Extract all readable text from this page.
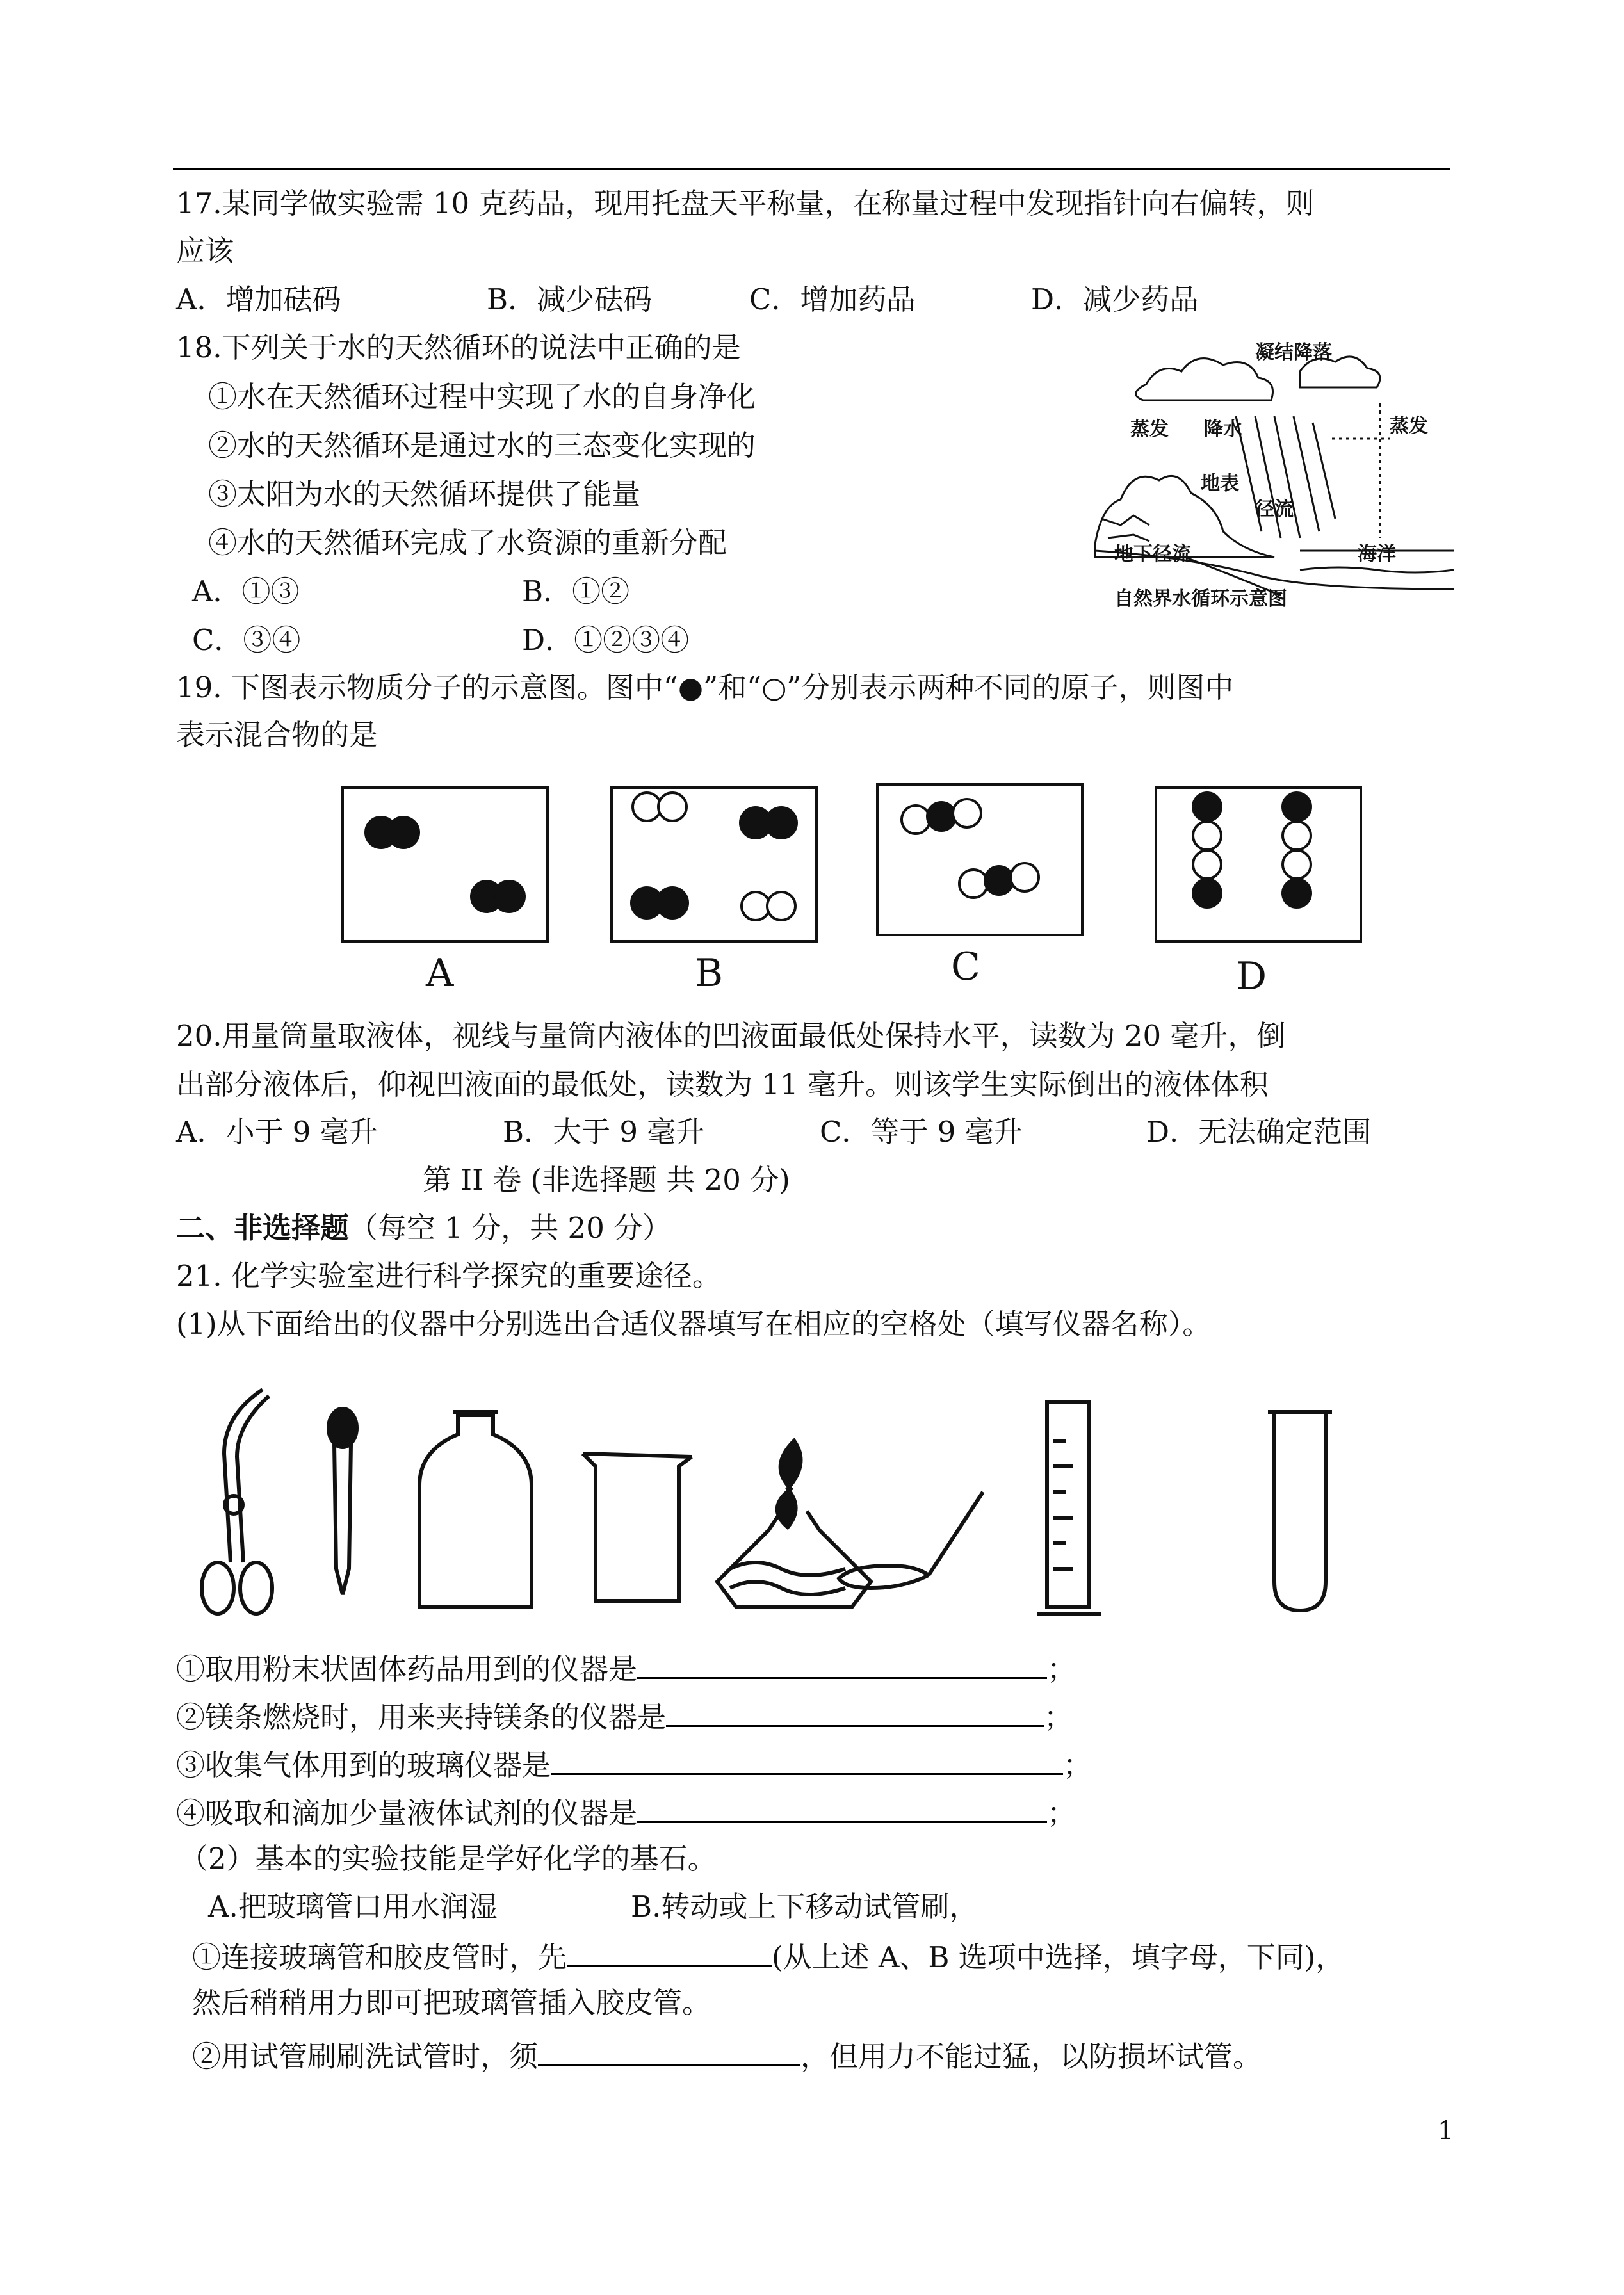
17.某同学做实验需 10 克药品，现用托盘天平称量，在称量过程中发现指针向右偏转，则
应该
A．增加砝码	B．减少砝码	C．增加药品	D．减少药品
18.下列关于水的天然循环的说法中正确的是
①水在天然循环过程中实现了水的自身净化
②水的天然循环是通过水的三态变化实现的
③太阳为水的天然循环提供了能量
④水的天然循环完成了水资源的重新分配
A．①③	B．①②
C．③④	D．①②③④
凝结降落
蒸发 降水	蒸发
地表
径流
地下径流	海洋
自然界水循环示意图
19. 下图表示物质分子的示意图。图中“●”和“○”分别表示两种不同的原子，则图中
表示混合物的是
A	B	C	D
20.用量筒量取液体，视线与量筒内液体的凹液面最低处保持水平，读数为 20 毫升，倒
出部分液体后，仰视凹液面的最低处，读数为 11 毫升。则该学生实际倒出的液体体积
A．小于 9 毫升	B．大于 9 毫升	C．等于 9 毫升	D．无法确定范围
第 II 卷 (非选择题 共 20 分)
二、非选择题（每空 1 分，共 20 分）
21. 化学实验室进行科学探究的重要途径。
(1)从下面给出的仪器中分别选出合适仪器填写在相应的空格处（填写仪器名称）。
①取用粉末状固体药品用到的仪器是	；
②镁条燃烧时，用来夹持镁条的仪器是	；
③收集气体用到的玻璃仪器是	；
④吸取和滴加少量液体试剂的仪器是	；
（2）基本的实验技能是学好化学的基石。
A.把玻璃管口用水润湿	B.转动或上下移动试管刷，
①连接玻璃管和胶皮管时，先	(从上述 A、B 选项中选择，填字母，下同)，
然后稍稍用力即可把玻璃管插入胶皮管。
②用试管刷刷洗试管时，须	，但用力不能过猛，以防损坏试管。
1
